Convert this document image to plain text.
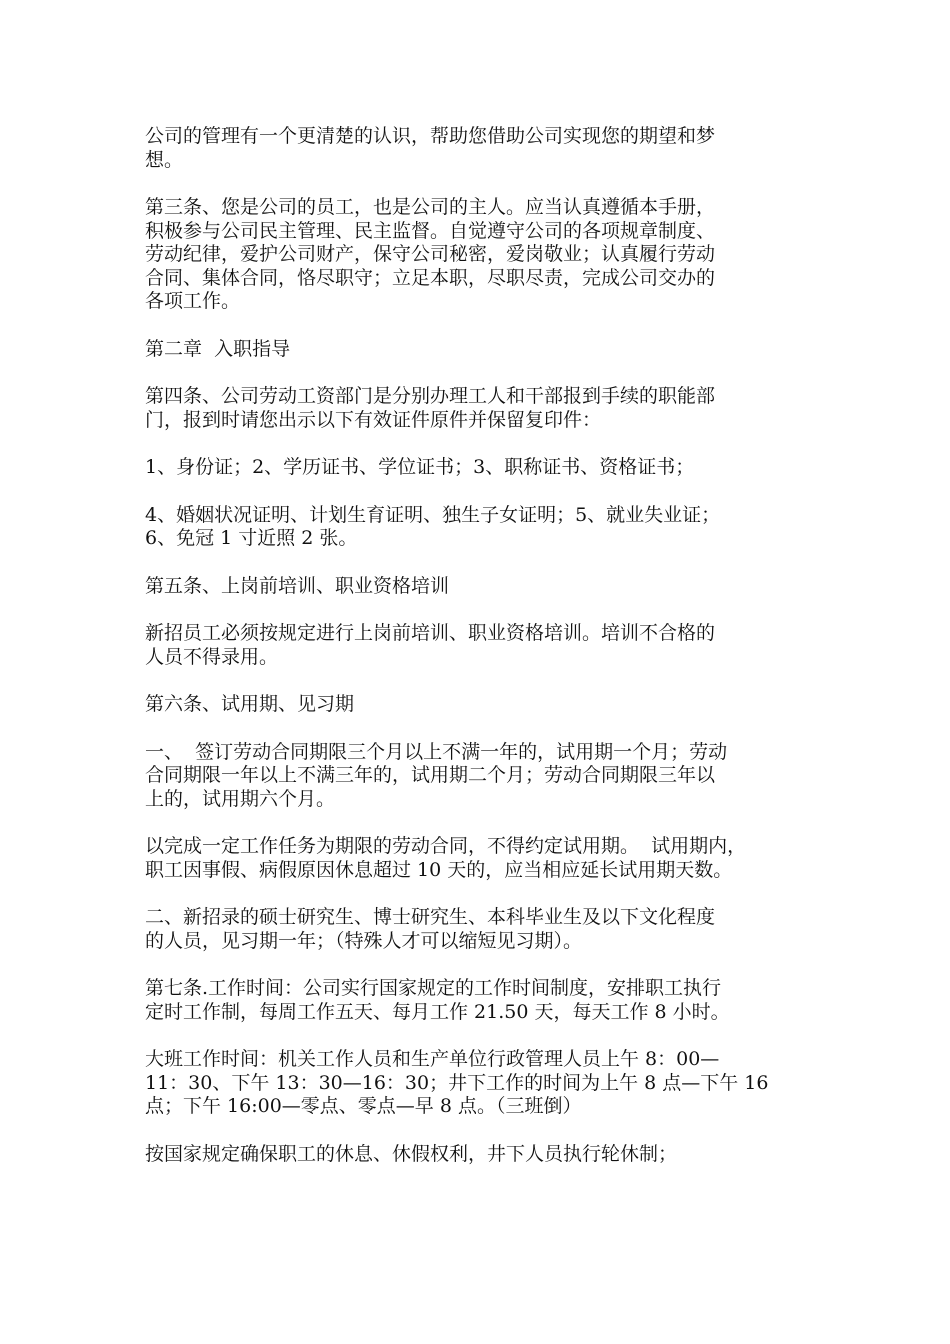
公司的管理有一个更清楚的认识，帮助您借助公司实现您的期望和梦
想。

第三条、您是公司的员工，也是公司的主人。应当认真遵循本手册，
积极参与公司民主管理、民主监督。自觉遵守公司的各项规章制度、
劳动纪律，爱护公司财产，保守公司秘密，爱岗敬业；认真履行劳动
合同、集体合同，恪尽职守；立足本职，尽职尽责，完成公司交办的
各项工作。

第二章  入职指导

第四条、公司劳动工资部门是分别办理工人和干部报到手续的职能部
门，报到时请您出示以下有效证件原件并保留复印件：

1、身份证；2、学历证书、学位证书；3、职称证书、资格证书；

4、婚姻状况证明、计划生育证明、独生子女证明；5、就业失业证；
6、免冠 1 寸近照 2 张。

第五条、上岗前培训、职业资格培训

新招员工必须按规定进行上岗前培训、职业资格培训。培训不合格的
人员不得录用。

第六条、试用期、见习期

一、  签订劳动合同期限三个月以上不满一年的，试用期一个月；劳动
合同期限一年以上不满三年的，试用期二个月；劳动合同期限三年以
上的，试用期六个月。

以完成一定工作任务为期限的劳动合同，不得约定试用期。  试用期内，
职工因事假、病假原因休息超过 10 天的，应当相应延长试用期天数。

二、新招录的硕士研究生、博士研究生、本科毕业生及以下文化程度
的人员，见习期一年；（特殊人才可以缩短见习期）。

第七条.工作时间：公司实行国家规定的工作时间制度，安排职工执行
定时工作制，每周工作五天、每月工作 21.50 天，每天工作 8 小时。

大班工作时间：机关工作人员和生产单位行政管理人员上午 8：00—
11：30、下午 13：30—16：30；井下工作的时间为上午 8 点—下午 16
点；下午 16:00—零点、零点—早 8 点。（三班倒）

按国家规定确保职工的休息、休假权利，井下人员执行轮休制；
